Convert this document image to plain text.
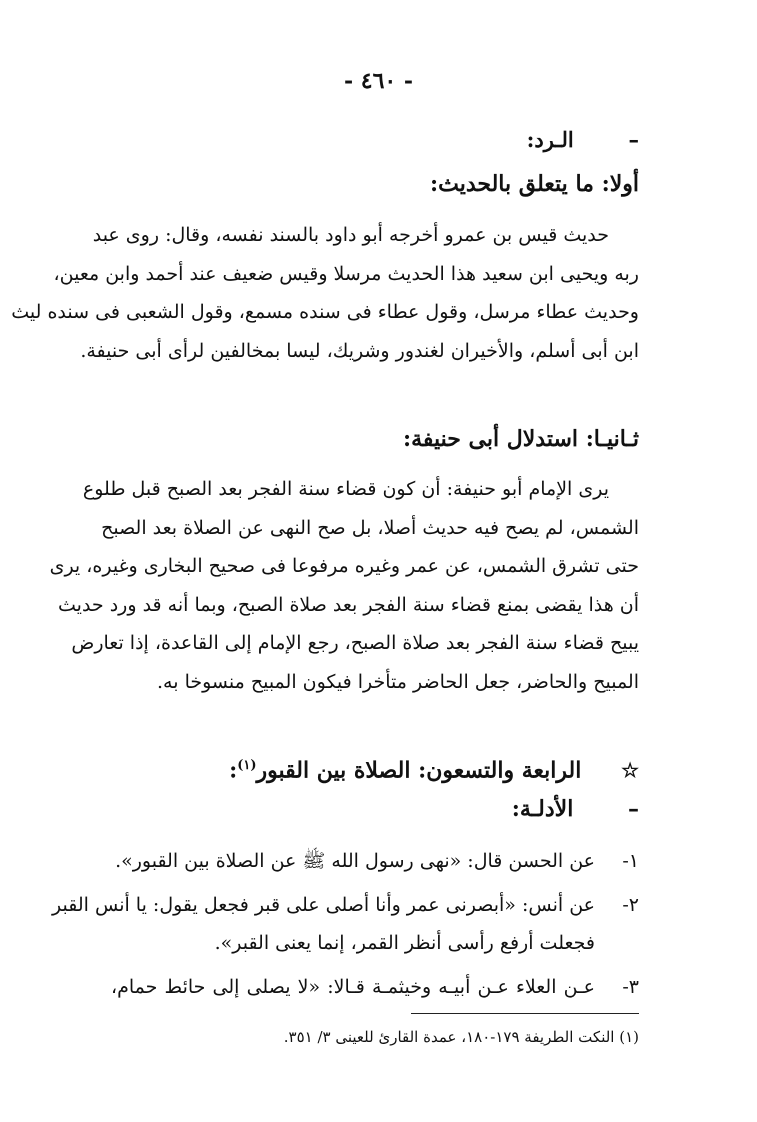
- ٤٦٠ -
– الـرد:
أولا: ما يتعلق بالحديث:
حديث قيس بن عمرو أخرجه أبو داود بالسند نفسه، وقال: روى عبد
ربه ويحيى ابن سعيد هذا الحديث مرسلا وقيس ضعيف عند أحمد وابن معين،
وحديث عطاء مرسل، وقول عطاء فى سنده مسمع، وقول الشعبى فى سنده ليث
ابن أبى أسلم، والأخيران لغندور وشريك، ليسا بمخالفين لرأى أبى حنيفة.
ثـانيـا: استدلال أبى حنيفة:
يرى الإمام أبو حنيفة: أن كون قضاء سنة الفجر بعد الصبح قبل طلوع
الشمس، لم يصح فيه حديث أصلا، بل صح النهى عن الصلاة بعد الصبح
حتى تشرق الشمس، عن عمر وغيره مرفوعا فى صحيح البخارى وغيره، يرى
أن هذا يقضى بمنع قضاء سنة الفجر بعد صلاة الصبح، وبما أنه قد ورد حديث
يبيح قضاء سنة الفجر بعد صلاة الصبح، رجع الإمام إلى القاعدة، إذا تعارض
المبيح والحاضر، جعل الحاضر متأخرا فيكون المبيح منسوخا به.
☆ الرابعة والتسعون: الصلاة بين القبور$^{(١)}$:
– الأدلـة:
١-
عن الحسن قال: «نهى رسول الله ﷺ عن الصلاة بين القبور».
٢-
عن أنس: «أبصرنى عمر وأنا أصلى على قبر فجعل يقول: يا أنس القبر
فجعلت أرفع رأسى أنظر القمر، إنما يعنى القبر».
٣-
عـن العلاء عـن أبيـه وخيثمـة قـالا: «لا يصلى إلى حائط حمام،
(١) النكت الطريفة ١٧٩-١٨٠، عمدة القارئ للعينى ٣/ ٣٥١.
